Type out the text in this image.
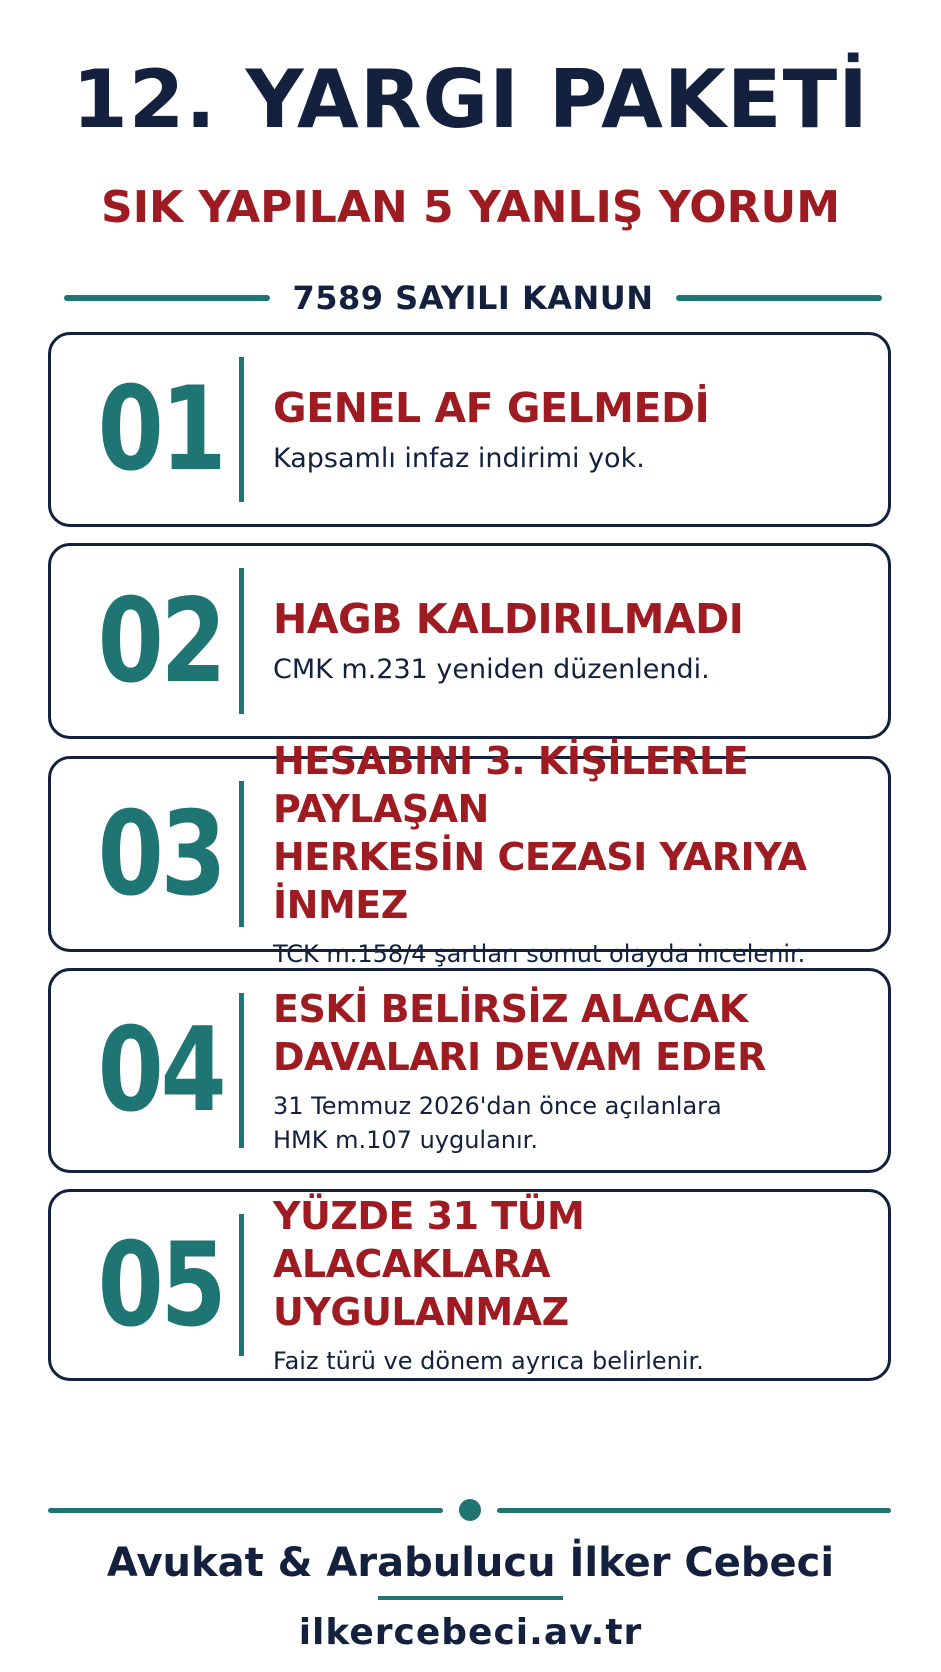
12. YARGI PAKETİ
SIK YAPILAN 5 YANLIŞ YORUM
7589 SAYILI KANUN
01 GENEL AF GELMEDİ
Kapsamlı infaz indirimi yok.
02 HAGB KALDIRILMADI
CMK m.231 yeniden düzenlendi.
03
HESABINI 3. KİŞİLERLE PAYLAŞAN
HERKESİN CEZASI YARIYA İNMEZ
TCK m.158/4 şartları somut olayda incelenir.
04 ESKİ BELİRSİZ ALACAK
DAVALARI DEVAM EDER
31 Temmuz 2026'dan önce açılanlara
HMK m.107 uygulanır.
05
YÜZDE 31 TÜM ALACAKLARA
UYGULANMAZ
Faiz türü ve dönem ayrıca belirlenir.
Avukat & Arabulucu İlker Cebeci
ilkercebeci.av.tr
